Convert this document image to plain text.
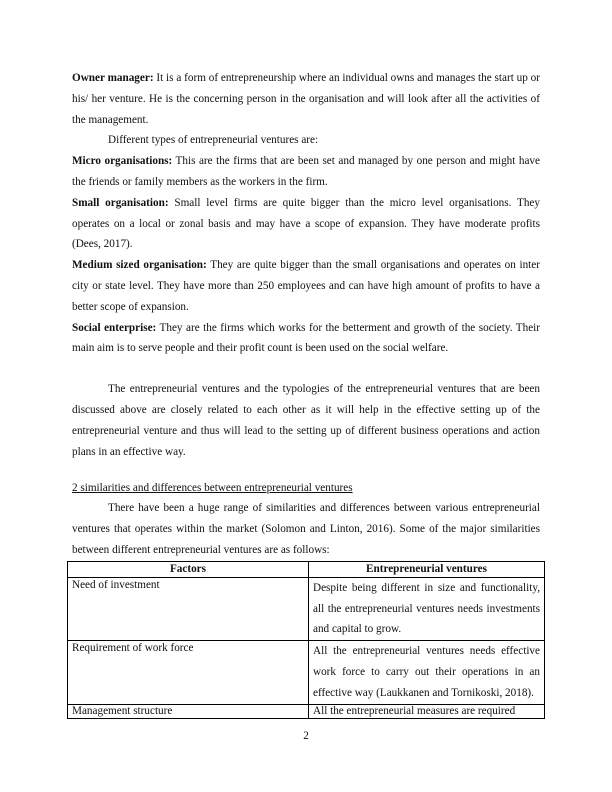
Owner manager: It is a form of entrepreneurship where an individual owns and manages the start up or his/ her venture. He is the concerning person in the organisation and will look after all the activities of the management.

Different types of entrepreneurial ventures are:

Micro organisations: This are the firms that are been set and managed by one person and might have the friends or family members as the workers in the firm.

Small organisation: Small level firms are quite bigger than the micro level organisations. They operates on a local or zonal basis and may have a scope of expansion. They have moderate profits (Dees, 2017).

Medium sized organisation: They are quite bigger than the small organisations and operates on inter city or state level. They have more than 250 employees and can have high amount of profits to have a better scope of expansion.

Social enterprise: They are the firms which works for the betterment and growth of the society. Their main aim is to serve people and their profit count is been used on the social welfare.

The entrepreneurial ventures and the typologies of the entrepreneurial ventures that are been discussed above are closely related to each other as it will help in the effective setting up of the entrepreneurial venture and thus will lead to the setting up of different business operations and action plans in an effective way.

2 similarities and differences between entrepreneurial ventures

There have been a huge range of similarities and differences between various entrepreneurial ventures that operates within the market (Solomon and Linton, 2016). Some of the major similarities between different entrepreneurial ventures are as follows:

Factors	Entrepreneurial ventures
Need of investment	Despite being different in size and functionality, all the entrepreneurial ventures needs investments and capital to grow.
Requirement of work force	All the entrepreneurial ventures needs effective work force to carry out their operations in an effective way (Laukkanen and Tornikoski, 2018).
Management structure	All the entrepreneurial measures are required
2
